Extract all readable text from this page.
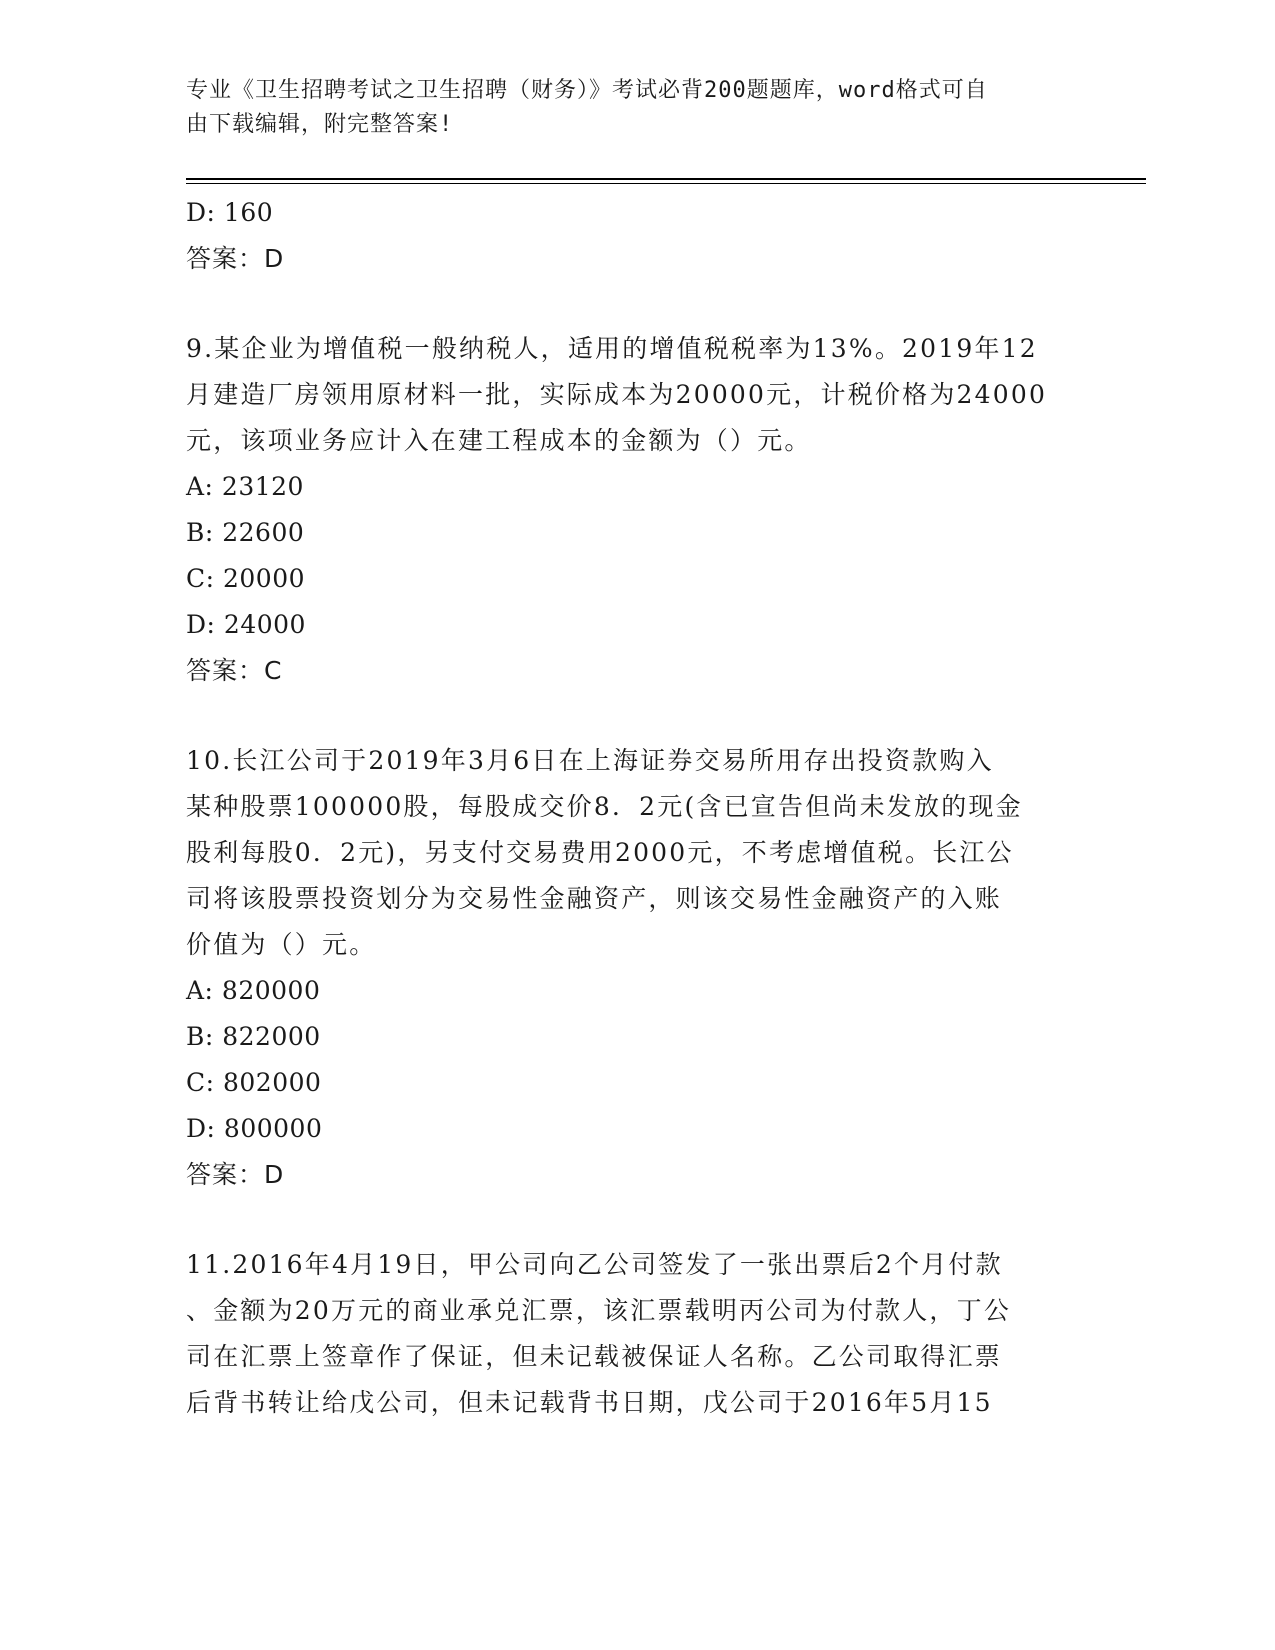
专业《卫生招聘考试之卫生招聘（财务）》考试必背200题题库，word格式可自
由下载编辑，附完整答案!
D: 160
答案：D
9.某企业为增值税一般纳税人，适用的增值税税率为13%。2019年12
月建造厂房领用原材料一批，实际成本为20000元，计税价格为24000
元，该项业务应计入在建工程成本的金额为（）元。
A: 23120
B: 22600
C: 20000
D: 24000
答案：C
10.长江公司于2019年3月6日在上海证券交易所用存出投资款购入
某种股票100000股，每股成交价8．2元(含已宣告但尚未发放的现金
股利每股0．2元)，另支付交易费用2000元，不考虑增值税。长江公
司将该股票投资划分为交易性金融资产，则该交易性金融资产的入账
价值为（）元。
A: 820000
B: 822000
C: 802000
D: 800000
答案：D
11.2016年4月19日，甲公司向乙公司签发了一张出票后2个月付款
、金额为20万元的商业承兑汇票，该汇票载明丙公司为付款人，丁公
司在汇票上签章作了保证，但未记载被保证人名称。乙公司取得汇票
后背书转让给戊公司，但未记载背书日期，戊公司于2016年5月15
